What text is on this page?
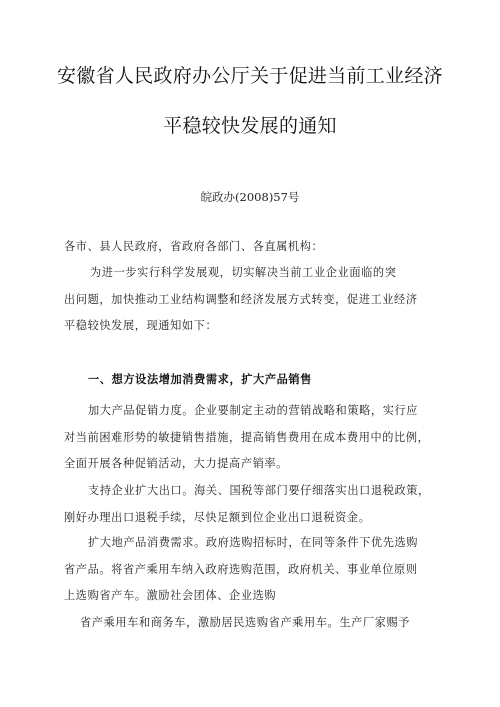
安徽省人民政府办公厅关于促进当前工业经济
平稳较快发展的通知
皖政办(2008)57号

各市、县人民政府，省政府各部门、各直属机构：

为进一步实行科学发展观，切实解决当前工业企业面临的突

出问题，加快推动工业结构调整和经济发展方式转变，促进工业经济

平稳较快发展，现通知如下：

一、想方设法增加消费需求，扩大产品销售

加大产品促销力度。企业要制定主动的营销战略和策略，实行应

对当前困难形势的敏捷销售措施，提高销售费用在成本费用中的比例，

全面开展各种促销活动，大力提高产销率。

支持企业扩大出口。海关、国税等部门要仔细落实出口退税政策，

刚好办理出口退税手续，尽快足额到位企业出口退税资金。

扩大地产品消费需求。政府选购招标时，在同等条件下优先选购

省产品。将省产乘用车纳入政府选购范围，政府机关、事业单位原则

上选购省产车。激励社会团体、企业选购

省产乘用车和商务车，激励居民选购省产乘用车。生产厂家赐予
